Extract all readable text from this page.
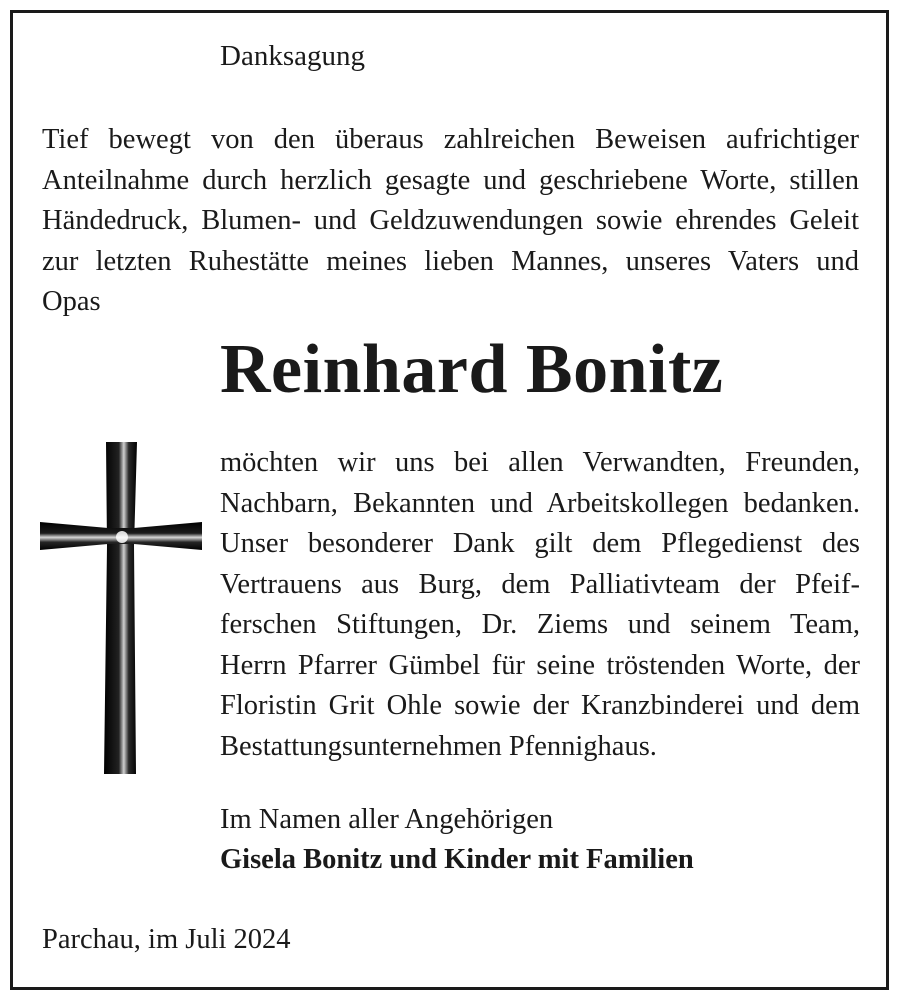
Danksagung
Tief bewegt von den überaus zahlreichen Beweisen aufrichtiger
Anteilnahme durch herzlich gesagte und geschriebene Worte, stillen
Händedruck, Blumen- und Geldzuwendungen sowie ehrendes Geleit
zur letzten Ruhestätte meines lieben Mannes, unseres Vaters und
Opas
Reinhard Bonitz
möchten wir uns bei allen Verwandten, Freunden,
Nachbarn, Bekannten und Arbeitskollegen bedanken.
Unser besonderer Dank gilt dem Pflegedienst des
Vertrauens aus Burg, dem Palliativteam der Pfeif-
ferschen Stiftungen, Dr. Ziems und seinem Team,
Herrn Pfarrer Gümbel für seine tröstenden Worte, der
Floristin Grit Ohle sowie der Kranzbinderei und dem
Bestattungsunternehmen Pfennighaus.
Im Namen aller Angehörigen
Gisela Bonitz und Kinder mit Familien
Parchau, im Juli 2024
